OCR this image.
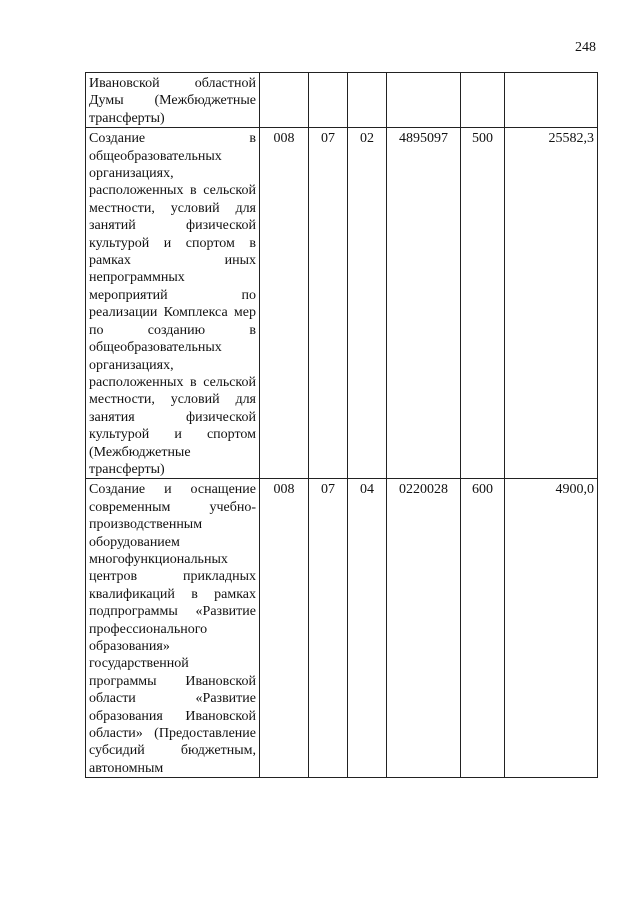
248
Ивановской областной Думы (Межбюджетные трансферты)						
Создание в общеобразовательных организациях, расположенных в сельской местности, условий для занятий физической культурой и спортом в рамках иных непрограммных мероприятий по реализации Комплекса мер по созданию в общеобразовательных организациях, расположенных в сельской местности, условий для занятия физической культурой и спортом (Межбюджетные трансферты)	008	07	02	4895097	500	25582,3
Создание и оснащение современным учебно-производственным оборудованием многофункциональных центров прикладных квалификаций в рамках подпрограммы «Развитие профессионального образования» государственной программы Ивановской области «Развитие образования Ивановской области» (Предоставление субсидий бюджетным, автономным	008	07	04	0220028	600	4900,0
